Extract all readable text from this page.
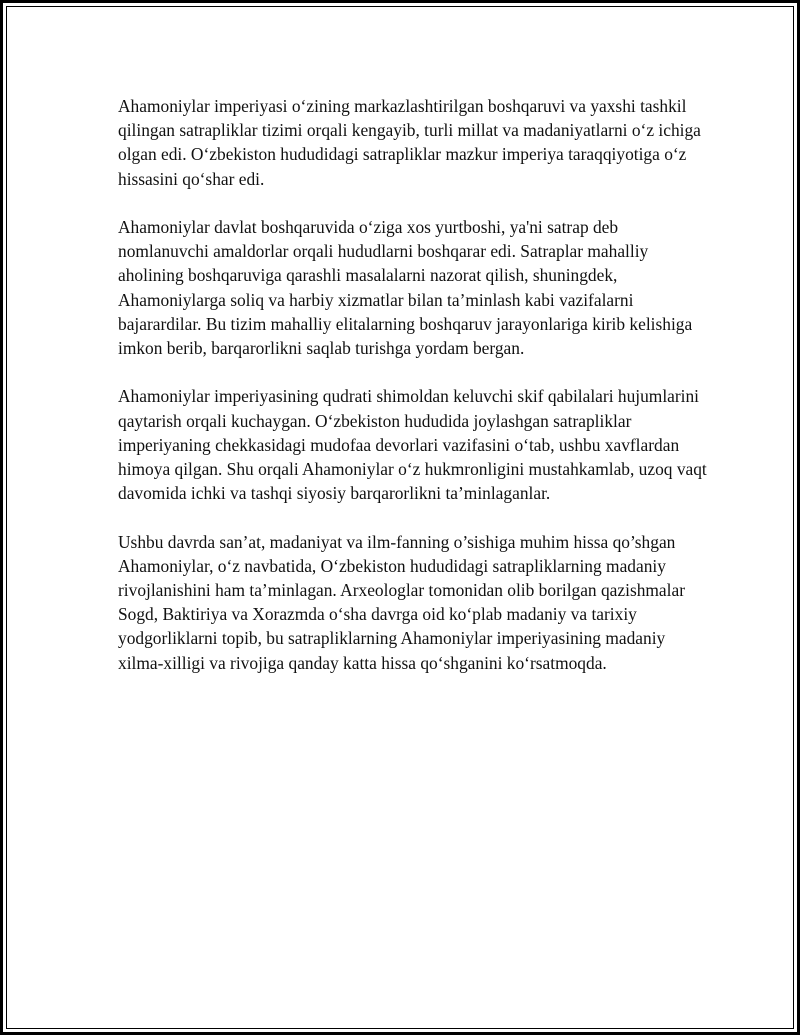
Ahamoniylar imperiyasi o‘zining markazlashtirilgan boshqaruvi va yaxshi tashkil qilingan satrapliklar tizimi orqali kengayib, turli millat va madaniyatlarni o‘z ichiga olgan edi. O‘zbekiston hududidagi satrapliklar mazkur imperiya taraqqiyotiga o‘z hissasini qo‘shar edi.

Ahamoniylar davlat boshqaruvida o‘ziga xos yurtboshi, ya'ni satrap deb nomlanuvchi amaldorlar orqali hududlarni boshqarar edi. Satraplar mahalliy aholining boshqaruviga qarashli masalalarni nazorat qilish, shuningdek, Ahamoniylarga soliq va harbiy xizmatlar bilan ta’minlash kabi vazifalarni bajarardilar. Bu tizim mahalliy elitalarning boshqaruv jarayonlariga kirib kelishiga imkon berib, barqarorlikni saqlab turishga yordam bergan.

Ahamoniylar imperiyasining qudrati shimoldan keluvchi skif qabilalari hujumlarini qaytarish orqali kuchaygan. O‘zbekiston hududida joylashgan satrapliklar imperiyaning chekkasidagi mudofaa devorlari vazifasini o‘tab, ushbu xavflardan himoya qilgan. Shu orqali Ahamoniylar o‘z hukmronligini mustahkamlab, uzoq vaqt davomida ichki va tashqi siyosiy barqarorlikni ta’minlaganlar.

Ushbu davrda san’at, madaniyat va ilm-fanning o’sishiga muhim hissa qo’shgan Ahamoniylar, o‘z navbatida, O‘zbekiston hududidagi satrapliklarning madaniy rivojlanishini ham ta’minlagan. Arxeologlar tomonidan olib borilgan qazishmalar Sogd, Baktiriya va Xorazmda o‘sha davrga oid ko‘plab madaniy va tarixiy yodgorliklarni topib, bu satrapliklarning Ahamoniylar imperiyasining madaniy xilma-xilligi va rivojiga qanday katta hissa qo‘shganini ko‘rsatmoqda.
